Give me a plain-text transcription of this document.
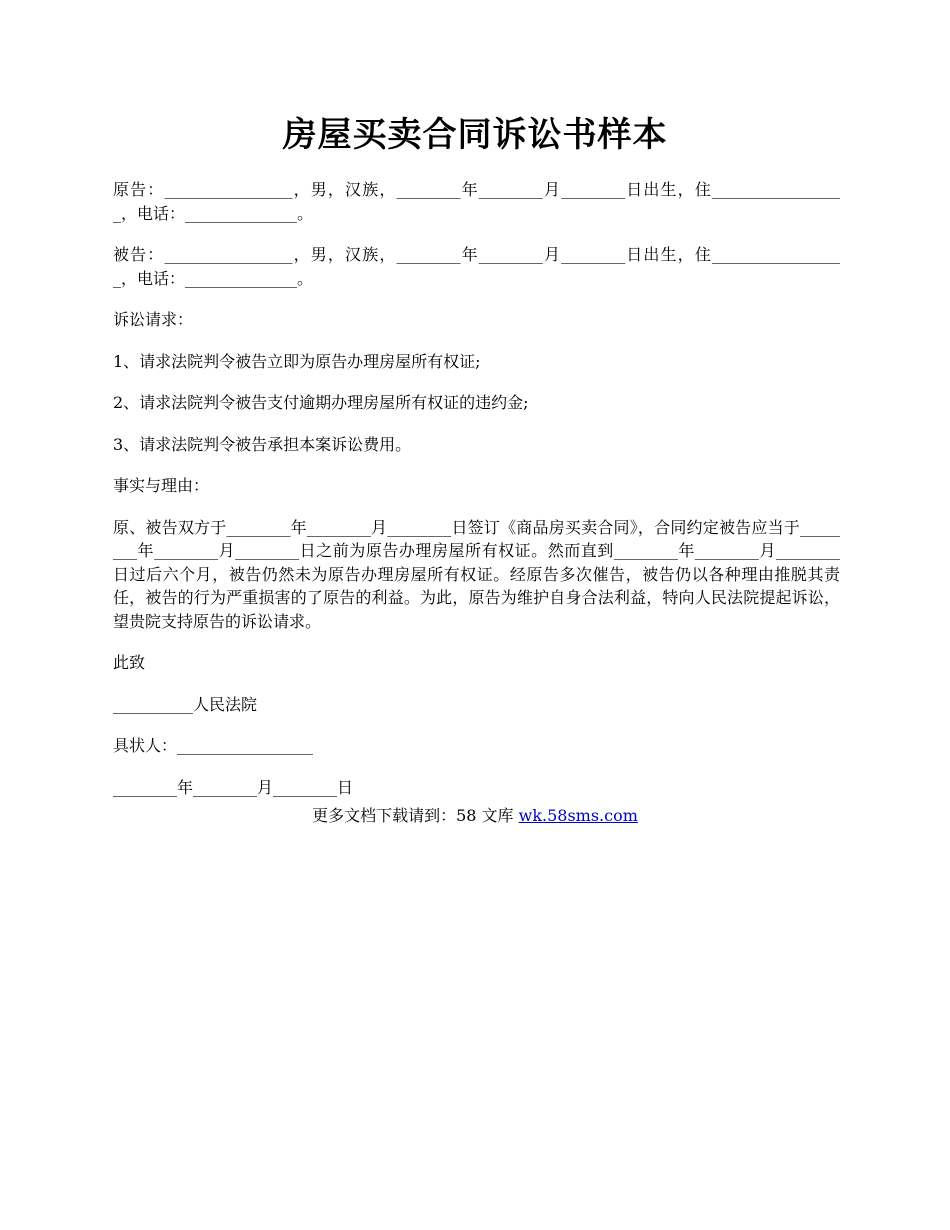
房屋买卖合同诉讼书样本

原告：________________，男，汉族，________年________月________日出生，住_________________，电话：______________。

被告：________________，男，汉族，________年________月________日出生，住_________________，电话：______________。

诉讼请求：

1、请求法院判令被告立即为原告办理房屋所有权证;

2、请求法院判令被告支付逾期办理房屋所有权证的违约金;

3、请求法院判令被告承担本案诉讼费用。

事实与理由：

原、被告双方于________年________月________日签订《商品房买卖合同》，合同约定被告应当于________年________月________日之前为原告办理房屋所有权证。然而直到________年________月________日过后六个月，被告仍然未为原告办理房屋所有权证。经原告多次催告，被告仍以各种理由推脱其责任，被告的行为严重损害的了原告的利益。为此，原告为维护自身合法利益，特向人民法院提起诉讼，望贵院支持原告的诉讼请求。

此致

__________人民法院

具状人：_________________

________年________月________日

更多文档下载请到：58 文库 wk.58sms.com
